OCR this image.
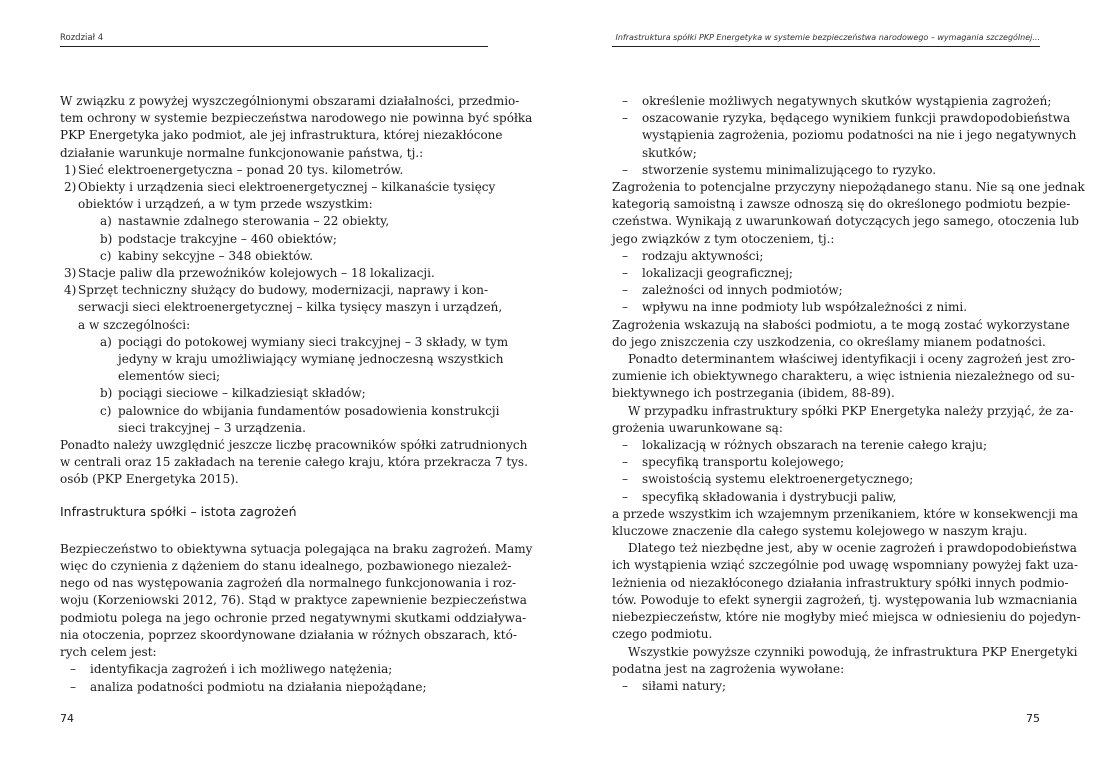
Rozdział 4

W związku z powyżej wyszczególnionymi obszarami działalności, przedmio-
tem ochrony w systemie bezpieczeństwa narodowego nie powinna być spółka
PKP Energetyka jako podmiot, ale jej infrastruktura, której niezakłócone
działanie warunkuje normalne funkcjonowanie państwa, tj.:

1) Sieć elektroenergetyczna – ponad 20 tys. kilometrów.
2) Obiekty i urządzenia sieci elektroenergetycznej – kilkanaście tysięcy
obiektów i urządzeń, a w tym przede wszystkim:
a) nastawnie zdalnego sterowania – 22 obiekty,
b) podstacje trakcyjne – 460 obiektów;
c) kabiny sekcyjne – 348 obiektów.
3) Stacje paliw dla przewoźników kolejowych – 18 lokalizacji.
4) Sprzęt techniczny służący do budowy, modernizacji, naprawy i kon-
serwacji sieci elektroenergetycznej – kilka tysięcy maszyn i urządzeń,
a w szczególności:
a) pociągi do potokowej wymiany sieci trakcyjnej – 3 składy, w tym
jedyny w kraju umożliwiający wymianę jednoczesną wszystkich
elementów sieci;
b) pociągi sieciowe – kilkadziesiąt składów;
c) palownice do wbijania fundamentów posadowienia konstrukcji
sieci trakcyjnej – 3 urządzenia.

Ponadto należy uwzględnić jeszcze liczbę pracowników spółki zatrudnionych
w centrali oraz 15 zakładach na terenie całego kraju, która przekracza 7 tys.
osób (PKP Energetyka 2015).

Infrastruktura spółki – istota zagrożeń

Bezpieczeństwo to obiektywna sytuacja polegająca na braku zagrożeń. Mamy
więc do czynienia z dążeniem do stanu idealnego, pozbawionego niezależ-
nego od nas występowania zagrożeń dla normalnego funkcjonowania i roz-
woju (Korzeniowski 2012, 76). Stąd w praktyce zapewnienie bezpieczeństwa
podmiotu polega na jego ochronie przed negatywnymi skutkami oddziaływa-
nia otoczenia, poprzez skoordynowane działania w różnych obszarach, któ-
rych celem jest:

– identyfikacja zagrożeń i ich możliwego natężenia;
– analiza podatności podmiotu na działania niepożądane;
74
Infrastruktura spółki PKP Energetyka w systemie bezpieczeństwa narodowego – wymagania szczególnej...
– określenie możliwych negatywnych skutków wystąpienia zagrożeń;
– oszacowanie ryzyka, będącego wynikiem funkcji prawdopodobieństwa
wystąpienia zagrożenia, poziomu podatności na nie i jego negatywnych
skutków;
– stworzenie systemu minimalizującego to ryzyko.

Zagrożenia to potencjalne przyczyny niepożądanego stanu. Nie są one jednak
kategorią samoistną i zawsze odnoszą się do określonego podmiotu bezpie-
czeństwa. Wynikają z uwarunkowań dotyczących jego samego, otoczenia lub
jego związków z tym otoczeniem, tj.:

– rodzaju aktywności;
– lokalizacji geograficznej;
– zależności od innych podmiotów;
– wpływu na inne podmioty lub współzależności z nimi.

Zagrożenia wskazują na słabości podmiotu, a te mogą zostać wykorzystane
do jego zniszczenia czy uszkodzenia, co określamy mianem podatności.

Ponadto determinantem właściwej identyfikacji i oceny zagrożeń jest zro-
zumienie ich obiektywnego charakteru, a więc istnienia niezależnego od su-
biektywnego ich postrzegania (ibidem, 88-89).

W przypadku infrastruktury spółki PKP Energetyka należy przyjąć, że za-
grożenia uwarunkowane są:

– lokalizacją w różnych obszarach na terenie całego kraju;
– specyfiką transportu kolejowego;
– swoistością systemu elektroenergetycznego;
– specyfiką składowania i dystrybucji paliw,

a przede wszystkim ich wzajemnym przenikaniem, które w konsekwencji ma
kluczowe znaczenie dla całego systemu kolejowego w naszym kraju.

Dlatego też niezbędne jest, aby w ocenie zagrożeń i prawdopodobieństwa
ich wystąpienia wziąć szczególnie pod uwagę wspomniany powyżej fakt uza-
leżnienia od niezakłóconego działania infrastruktury spółki innych podmio-
tów. Powoduje to efekt synergii zagrożeń, tj. występowania lub wzmacniania
niebezpieczeństw, które nie mogłyby mieć miejsca w odniesieniu do pojedyn-
czego podmiotu.

Wszystkie powyższe czynniki powodują, że infrastruktura PKP Energetyki
podatna jest na zagrożenia wywołane:

– siłami natury;
75
